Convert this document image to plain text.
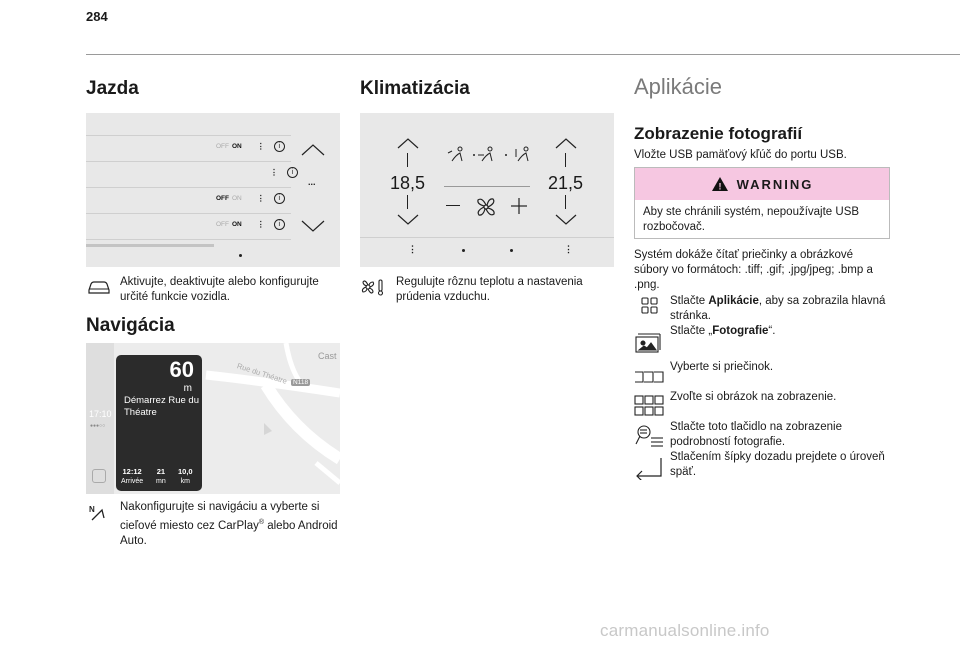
284
Jazda
OFF ON ⋮	i
⋮	i
OFF ON ⋮	i
OFF ON ⋮	i
...
Aktivujte, deaktivujte alebo konfigurujte určité funkcie vozidla.
Navigácia
17:10
●●●○○
Cast
Rue du Théatre N118
60
m
Démarrez Rue du Théatre
12:12
Arrivée
21
mn
10,0
km
N Nakonfigurujte si navigáciu a vyberte si cieľové miesto cez CarPlay® alebo Android Auto.
Klimatizácia
18,5	21,5
⋮	⋮
Regulujte rôznu teplotu a nastavenia prúdenia vzduchu.
Aplikácie
Zobrazenie fotografií
Vložte USB pamäťový kľúč do portu USB.
! WARNING
Aby ste chránili systém, nepoužívajte USB rozbočovač.
Systém dokáže čítať priečinky a obrázkové súbory vo formátoch: .tiff; .gif; .jpg/jpeg; .bmp a .png.
Stlačte Aplikácie, aby sa zobrazila hlavná stránka.
Stlačte „Fotografie“.
Vyberte si priečinok.
Zvoľte si obrázok na zobrazenie.
Stlačte toto tlačidlo na zobrazenie podrobností fotografie.
Stlačením šípky dozadu prejdete o úroveň späť.
carmanualsonline.info
